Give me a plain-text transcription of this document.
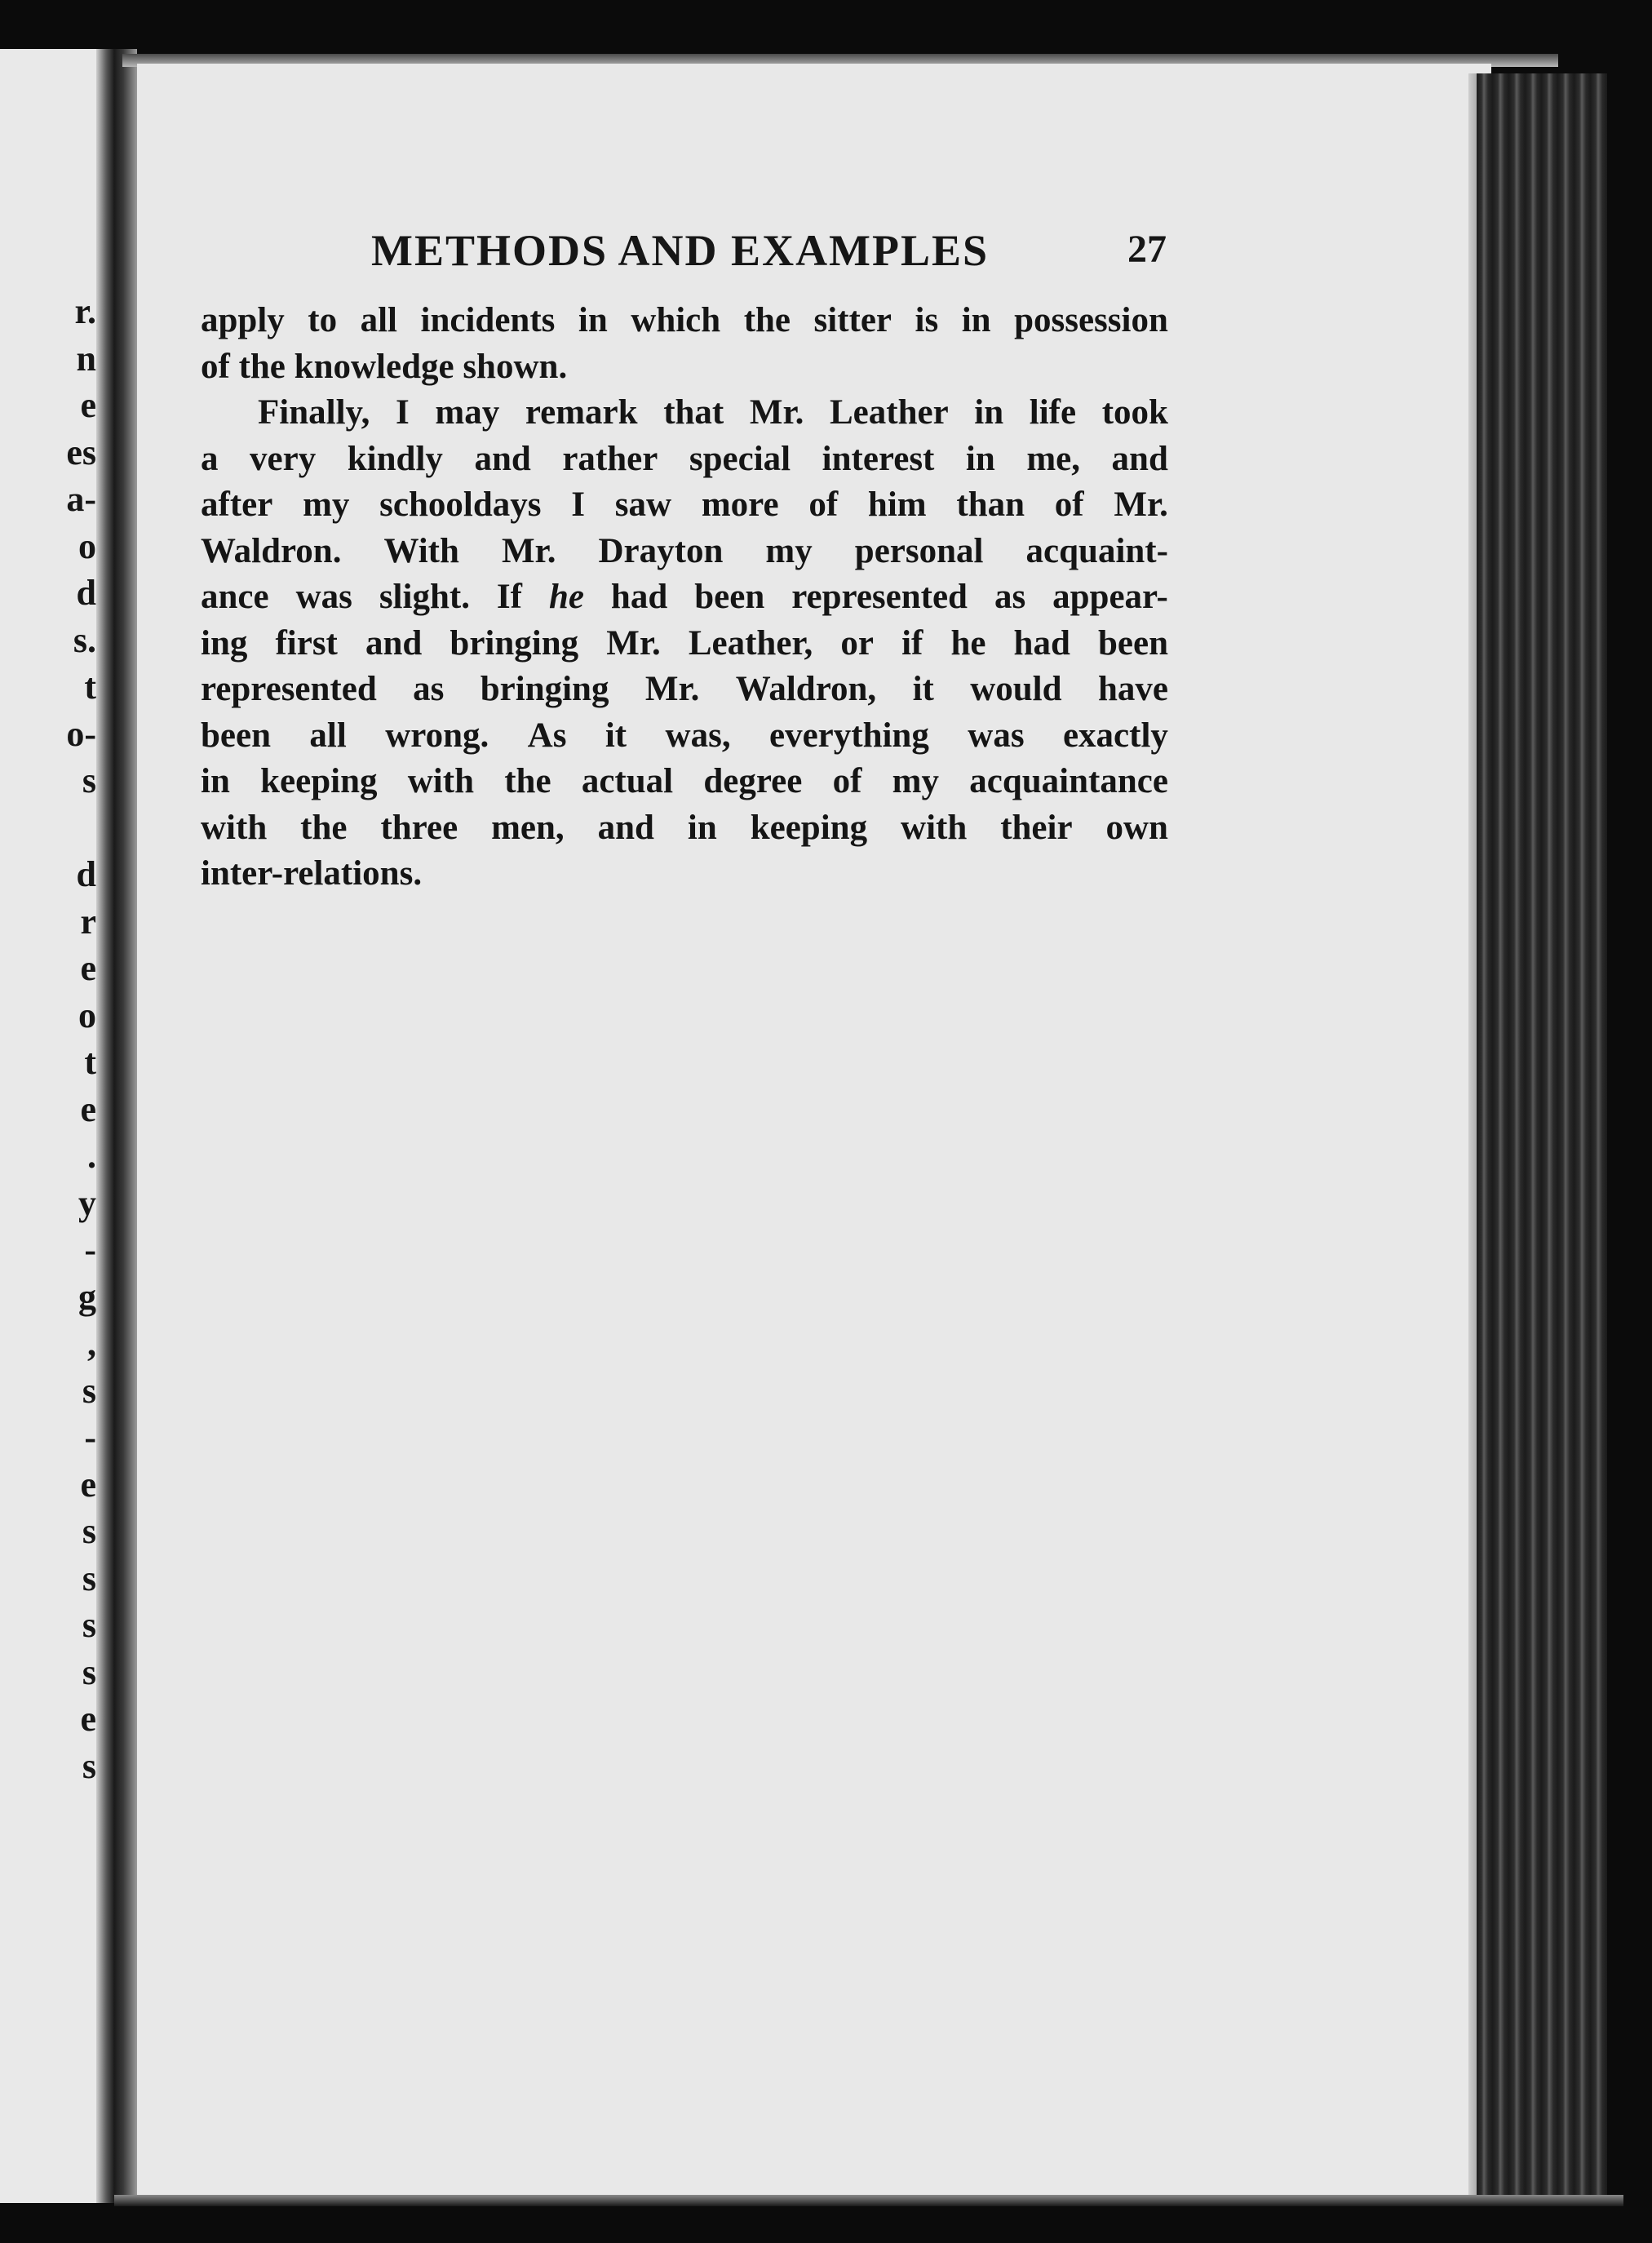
r.
n
e
es
a-
o
d
s.
t
o-
s
d
r
e
o
t
e
.
y
-
g
,
s
-
e
s
s
s
s
e
s
METHODS AND EXAMPLES	27
apply to all incidents in which the sitter is in possession
of
the
knowledge
shown.
Finally, I may remark that Mr. Leather in life took
a very kindly and rather special interest in me, and
after my schooldays I saw more of him than of Mr.
Waldron. With Mr. Drayton my personal acquaint-
ance was slight. If he had been represented as appear-
ing first and bringing Mr. Leather, or if he had been
represented as bringing Mr. Waldron, it would have
been all wrong. As it was, everything was exactly
in keeping with the actual degree of my acquaintance
with the three men, and in keeping with their own
inter-relations.
